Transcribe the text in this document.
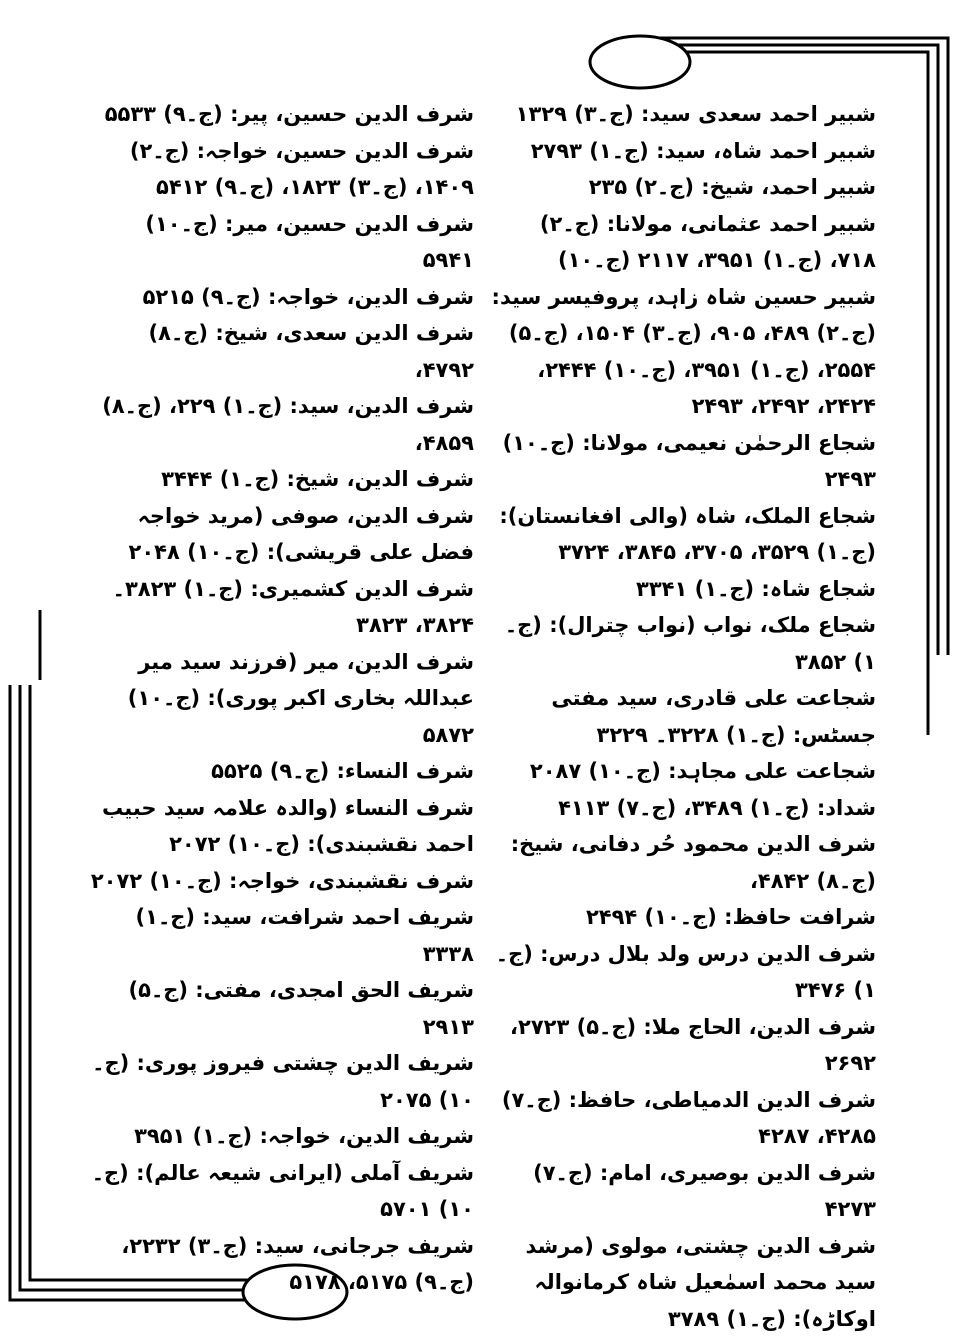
شبیر احمد سعدی سید: (ج۔۳) ۱۳۲۹

شبیر احمد شاہ، سید: (ج۔۱) ۲۷۹۳

شبیر احمد، شیخ: (ج۔۲) ۲۳۵

شبیر احمد عثمانی، مولانا: (ج۔۲) ۷۱۸، (ج۔۱) ۳۹۵۱، ۲۱۱۷ (ج۔۱۰)

شبیر حسین شاہ زاہد، پروفیسر سید: (ج۔۲) ۴۸۹، ۹۰۵، (ج۔۳) ۱۵۰۴، (ج۔۵) ۲۵۵۴، (ج۔۱) ۳۹۵۱، (ج۔۱۰) ۲۴۴۴، ۲۴۲۴، ۲۴۹۲، ۲۴۹۳

شجاع الرحمٰن نعیمی، مولانا: (ج۔۱۰) ۲۴۹۳

شجاع الملک، شاہ (والی افغانستان): (ج۔۱) ۳۵۲۹، ۳۷۰۵، ۳۸۴۵، ۳۷۲۴

شجاع شاہ: (ج۔۱) ۳۳۴۱

شجاع ملک، نواب (نواب چترال): (ج۔۱) ۳۸۵۲

شجاعت علی قادری، سید مفتی جسٹس: (ج۔۱) ۳۲۲۸۔ ۳۲۲۹

شجاعت علی مجاہد: (ج۔۱۰) ۲۰۸۷

شداد: (ج۔۱) ۳۴۸۹، (ج۔۷) ۴۱۱۳

شرف الدین محمود حُر دفانی، شیخ: (ج۔۸) ۴۸۴۲،

شرافت حافظ: (ج۔۱۰) ۲۴۹۴

شرف الدین درس ولد بلال درس: (ج۔۱) ۳۴۷۶

شرف الدین، الحاج ملا: (ج۔۵) ۲۷۲۳، ۲۶۹۲

شرف الدین الدمیاطی، حافظ: (ج۔۷) ۴۲۸۵، ۴۲۸۷

شرف الدین بوصیری، امام: (ج۔۷) ۴۲۷۳

شرف الدین چشتی، مولوی (مرشد سید محمد اسمٰعیل شاہ کرمانوالہ اوکاڑہ): (ج۔۱) ۳۷۸۹

شرف الدین حسین، پیر: (ج۔۹) ۵۵۳۳

شرف الدین حسین، خواجہ: (ج۔۲) ۱۴۰۹، (ج۔۳) ۱۸۲۳، (ج۔۹) ۵۴۱۲

شرف الدین حسین، میر: (ج۔۱۰) ۵۹۴۱

شرف الدین، خواجہ: (ج۔۹) ۵۲۱۵

شرف الدین سعدی، شیخ: (ج۔۸) ۴۷۹۲،

شرف الدین، سید: (ج۔۱) ۲۲۹، (ج۔۸) ۴۸۵۹،

شرف الدین، شیخ: (ج۔۱) ۳۴۴۴

شرف الدین، صوفی (مرید خواجہ فضل علی قریشی): (ج۔۱۰) ۲۰۴۸

شرف الدین کشمیری: (ج۔۱) ۳۸۲۳۔ ۳۸۲۴، ۳۸۲۳

شرف الدین، میر (فرزند سید میر عبداللہ بخاری اکبر پوری): (ج۔۱۰) ۵۸۷۲

شرف النساء: (ج۔۹) ۵۵۲۵

شرف النساء (والدہ علامہ سید حبیب احمد نقشبندی): (ج۔۱۰) ۲۰۷۲

شرف نقشبندی، خواجہ: (ج۔۱۰) ۲۰۷۲

شریف احمد شرافت، سید: (ج۔۱) ۳۳۳۸

شریف الحق امجدی، مفتی: (ج۔۵) ۲۹۱۳

شریف الدین چشتی فیروز پوری: (ج۔۱۰) ۲۰۷۵

شریف الدین، خواجہ: (ج۔۱) ۳۹۵۱

شریف آملی (ایرانی شیعہ عالم): (ج۔۱۰) ۵۷۰۱

شریف جرجانی، سید: (ج۔۳) ۲۲۳۲، (ج۔۹) ۵۱۷۵، ۵۱۷۸
